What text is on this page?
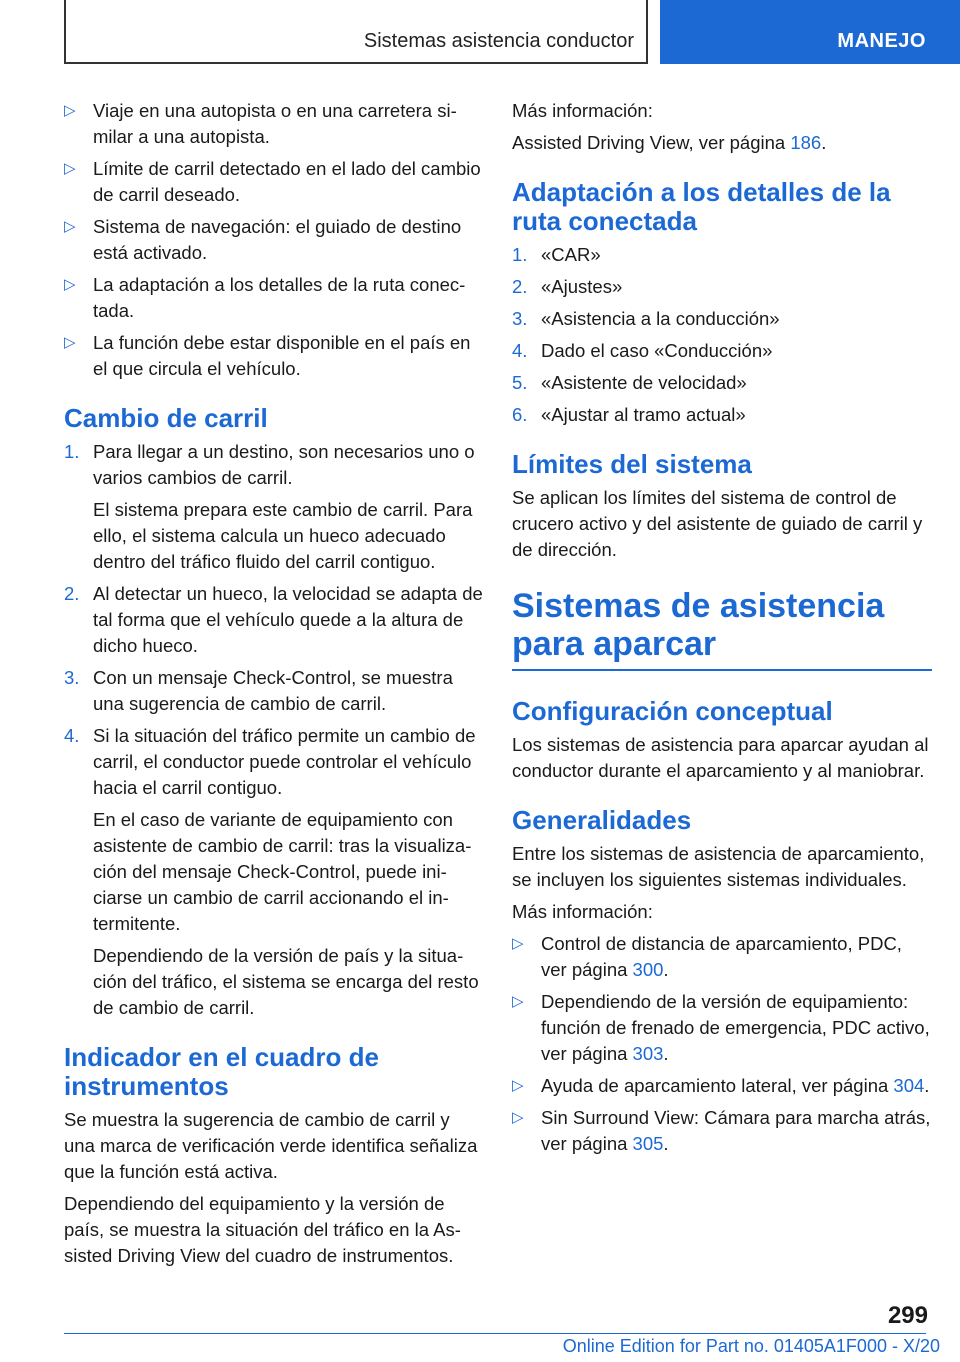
Sistemas asistencia conductor	MANEJO
▷ Viaje en una autopista o en una carretera similar a una autopista.
▷ Límite de carril detectado en el lado del cambio de carril deseado.
▷ Sistema de navegación: el guiado de destino está activado.
▷ La adaptación a los detalles de la ruta conectada.
▷ La función debe estar disponible en el país en el que circula el vehículo.
Cambio de carril
1. Para llegar a un destino, son necesarios uno o varios cambios de carril.

El sistema prepara este cambio de carril. Para ello, el sistema calcula un hueco adecuado dentro del tráfico fluido del carril contiguo.

2. Al detectar un hueco, la velocidad se adapta de tal forma que el vehículo quede a la altura de dicho hueco.
3. Con un mensaje Check-Control, se muestra una sugerencia de cambio de carril.
4. Si la situación del tráfico permite un cambio de carril, el conductor puede controlar el vehículo hacia el carril contiguo.

En el caso de variante de equipamiento con asistente de cambio de carril: tras la visualización del mensaje Check-Control, puede iniciarse un cambio de carril accionando el intermitente.

Dependiendo de la versión de país y la situación del tráfico, el sistema se encarga del resto de cambio de carril.

Indicador en el cuadro de instrumentos

Se muestra la sugerencia de cambio de carril y una marca de verificación verde identifica señaliza que la función está activa.

Dependiendo del equipamiento y la versión de país, se muestra la situación del tráfico en la Assisted Driving View del cuadro de instrumentos.

Más información:

Assisted Driving View, ver página 186.

Adaptación a los detalles de la ruta conectada
1. «CAR»
2. «Ajustes»
3. «Asistencia a la conducción»
4. Dado el caso «Conducción»
5. «Asistente de velocidad»
6. «Ajustar al tramo actual»
Límites del sistema

Se aplican los límites del sistema de control de crucero activo y del asistente de guiado de carril y de dirección.

Sistemas de asistencia para aparcar
Configuración conceptual

Los sistemas de asistencia para aparcar ayudan al conductor durante el aparcamiento y al maniobrar.

Generalidades

Entre los sistemas de asistencia de aparcamiento, se incluyen los siguientes sistemas individuales.

Más información:

▷ Control de distancia de aparcamiento, PDC, ver página 300.
▷ Dependiendo de la versión de equipamiento: función de frenado de emergencia, PDC activo, ver página 303.
▷ Ayuda de aparcamiento lateral, ver página 304.
▷ Sin Surround View: Cámara para marcha atrás, ver página 305.
299
Online Edition for Part no. 01405A1F000 - X/20
